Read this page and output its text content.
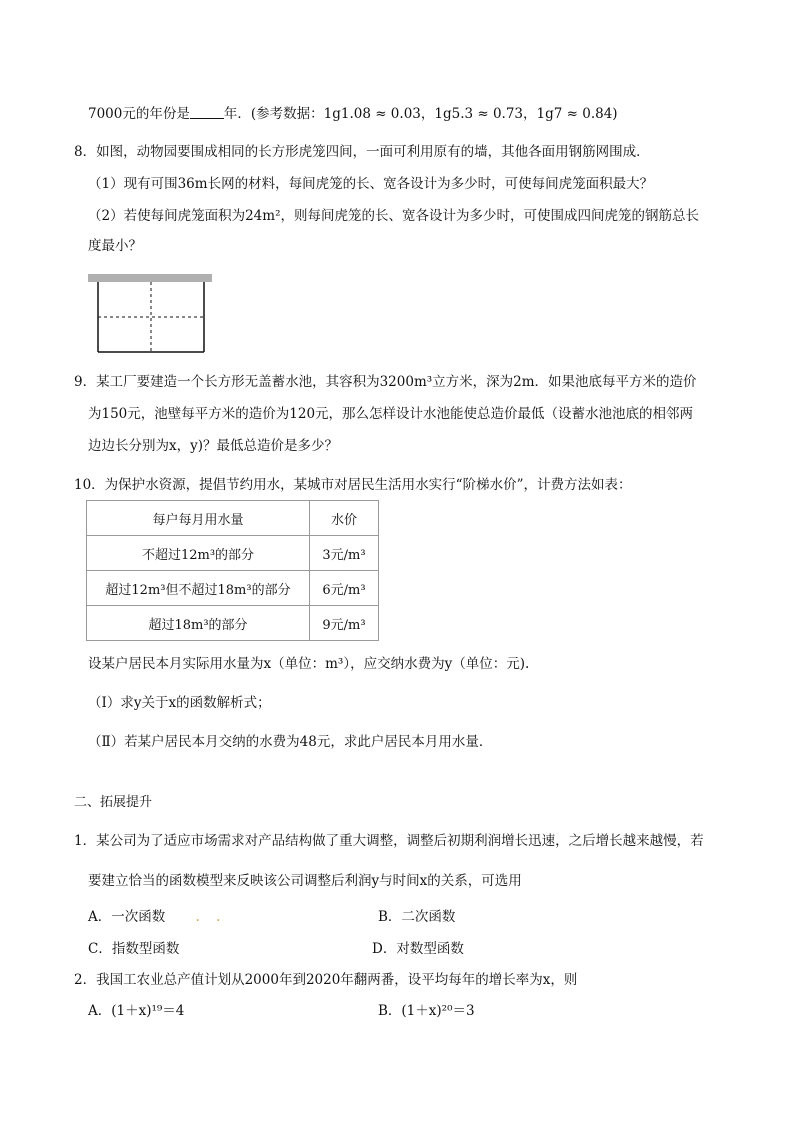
7000元的年份是	年．(参考数据：1g1.08 ≈ 0.03，1g5.3 ≈ 0.73，1g7 ≈ 0.84)
8．如图，动物园要围成相同的长方形虎笼四间，一面可利用原有的墙，其他各面用钢筋网围成．
（1）现有可围36m长网的材料，每间虎笼的长、宽各设计为多少时，可使每间虎笼面积最大？
（2）若使每间虎笼面积为24m²，则每间虎笼的长、宽各设计为多少时，可使围成四间虎笼的钢筋总长
度最小？
9．某工厂要建造一个长方形无盖蓄水池，其容积为3200m³立方米，深为2m．如果池底每平方米的造价
为150元，池壁每平方米的造价为120元，那么怎样设计水池能使总造价最低（设蓄水池池底的相邻两
边边长分别为x，y)？最低总造价是多少？
10．为保护水资源，提倡节约用水，某城市对居民生活用水实行“阶梯水价”，计费方法如表：
每户每月用水量	水价
不超过12m³的部分	3元/m³
超过12m³但不超过18m³的部分	6元/m³
超过18m³的部分	9元/m³
设某户居民本月实际用水量为x（单位：m³），应交纳水费为y（单位：元).
（Ⅰ）求y关于x的函数解析式；
（Ⅱ）若某户居民本月交纳的水费为48元，求此户居民本月用水量．
二、拓展提升
1．某公司为了适应市场需求对产品结构做了重大调整，调整后初期利润增长迅速，之后增长越来越慢，若
要建立恰当的函数模型来反映该公司调整后利润y与时间x的关系，可选用
A．一次函数 . .	B．二次函数
C．指数型函数	D．对数型函数
2．我国工农业总产值计划从2000年到2020年翻两番，设平均每年的增长率为x，则
A．(1＋x)¹⁹＝4	B．(1＋x)²⁰＝3
